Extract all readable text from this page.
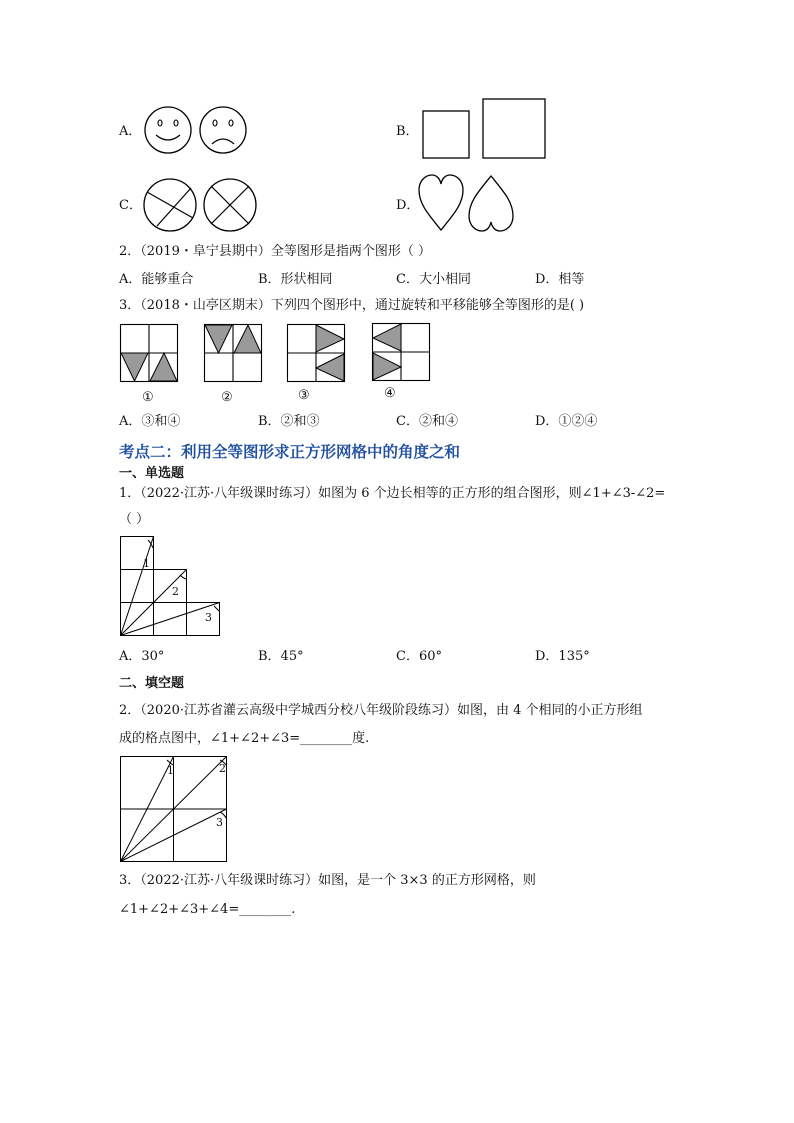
A．	B．
C．	D．
2．（2019・阜宁县期中）全等图形是指两个图形（ ）
A．能够重合	B．形状相同	C．大小相同	D．相等
3．（2018・山亭区期末）下列四个图形中，通过旋转和平移能够全等图形的是( )
①	②	③	④
A．③和④	B．②和③	C．②和④	D．①②④
考点二：利用全等图形求正方形网格中的角度之和
一、单选题
1．（2022·江苏·八年级课时练习）如图为 6 个边长相等的正方形的组合图形，则∠1+∠3-∠2=
（ ）
1
2
3
A．30°	B．45°	C．60°	D．135°
二、填空题
2．（2020·江苏省灌云高级中学城西分校八年级阶段练习）如图，由 4 个相同的小正方形组
成的格点图中，∠1+∠2+∠3=________度.
1	2
3
3．（2022·江苏·八年级课时练习）如图，是一个 3×3 的正方形网格，则
∠1+∠2+∠3+∠4=________.
